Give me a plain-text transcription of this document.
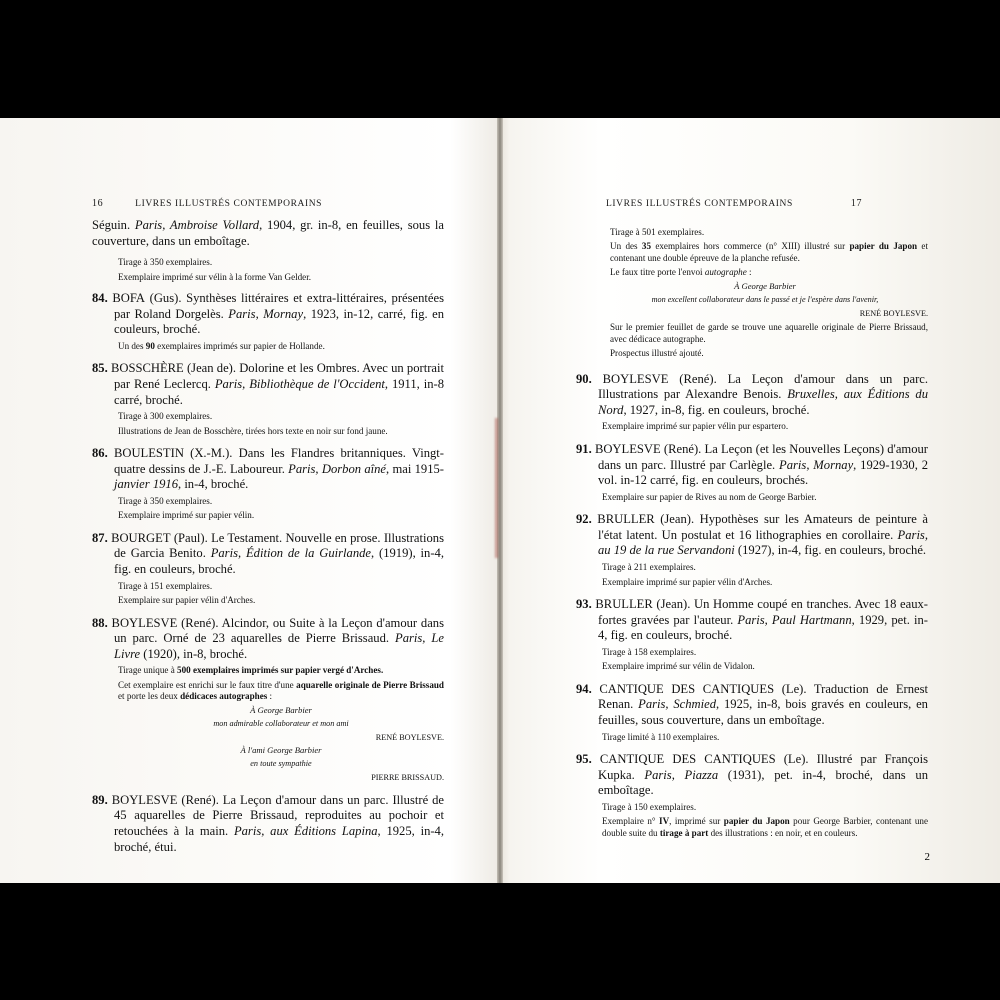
16	LIVRES ILLUSTRÉS CONTEMPORAINS

Séguin. Paris, Ambroise Vollard, 1904, gr. in-8, en feuilles, sous la couverture, dans un emboîtage.

Tirage à 350 exemplaires.
Exemplaire imprimé sur vélin à la forme Van Gelder.

84. BOFA (Gus). Synthèses littéraires et extra-littéraires, présentées par Roland Dorgelès. Paris, Mornay, 1923, in-12, carré, fig. en couleurs, broché.

Un des 90 exemplaires imprimés sur papier de Hollande.

85. BOSSCHÈRE (Jean de). Dolorine et les Ombres. Avec un portrait par René Leclercq. Paris, Bibliothèque de l'Occident, 1911, in-8 carré, broché.

Tirage à 300 exemplaires.
Illustrations de Jean de Bosschère, tirées hors texte en noir sur fond jaune.

86. BOULESTIN (X.-M.). Dans les Flandres britanniques. Vingt-quatre dessins de J.-E. Laboureur. Paris, Dorbon aîné, mai 1915-janvier 1916, in-4, broché.

Tirage à 350 exemplaires.
Exemplaire imprimé sur papier vélin.

87. BOURGET (Paul). Le Testament. Nouvelle en prose. Illustrations de Garcia Benito. Paris, Édition de la Guirlande, (1919), in-4, fig. en couleurs, broché.

Tirage à 151 exemplaires.
Exemplaire sur papier vélin d'Arches.

88. BOYLESVE (René). Alcindor, ou Suite à la Leçon d'amour dans un parc. Orné de 23 aquarelles de Pierre Brissaud. Paris, Le Livre (1920), in-8, broché.

Tirage unique à 500 exemplaires imprimés sur papier vergé d'Arches.
Cet exemplaire est enrichi sur le faux titre d'une aquarelle originale de Pierre Brissaud et porte les deux dédicaces autographes :
À George Barbier
mon admirable collaborateur et mon ami
RENÉ BOYLESVE.
À l'ami George Barbier
en toute sympathie
PIERRE BRISSAUD.

89. BOYLESVE (René). La Leçon d'amour dans un parc. Illustré de 45 aquarelles de Pierre Brissaud, reproduites au pochoir et retouchées à la main. Paris, aux Éditions Lapina, 1925, in-4, broché, étui.

LIVRES ILLUSTRÉS CONTEMPORAINS	17
Tirage à 501 exemplaires.
Un des 35 exemplaires hors commerce (n° XIII) illustré sur papier du Japon et contenant une double épreuve de la planche refusée.
Le faux titre porte l'envoi autographe :
À George Barbier
mon excellent collaborateur dans le passé et je l'espère dans l'avenir,
RENÉ BOYLESVE.
Sur le premier feuillet de garde se trouve une aquarelle originale de Pierre Brissaud, avec dédicace autographe.
Prospectus illustré ajouté.

90. BOYLESVE (René). La Leçon d'amour dans un parc. Illustrations par Alexandre Benois. Bruxelles, aux Éditions du Nord, 1927, in-8, fig. en couleurs, broché.

Exemplaire imprimé sur papier vélin pur espartero.

91. BOYLESVE (René). La Leçon (et les Nouvelles Leçons) d'amour dans un parc. Illustré par Carlègle. Paris, Mornay, 1929-1930, 2 vol. in-12 carré, fig. en couleurs, brochés.

Exemplaire sur papier de Rives au nom de George Barbier.

92. BRULLER (Jean). Hypothèses sur les Amateurs de peinture à l'état latent. Un postulat et 16 lithographies en corollaire. Paris, au 19 de la rue Servandoni (1927), in-4, fig. en couleurs, broché.

Tirage à 211 exemplaires.
Exemplaire imprimé sur papier vélin d'Arches.

93. BRULLER (Jean). Un Homme coupé en tranches. Avec 18 eaux-fortes gravées par l'auteur. Paris, Paul Hartmann, 1929, pet. in-4, fig. en couleurs, broché.

Tirage à 158 exemplaires.
Exemplaire imprimé sur vélin de Vidalon.

94. CANTIQUE DES CANTIQUES (Le). Traduction de Ernest Renan. Paris, Schmied, 1925, in-8, bois gravés en couleurs, en feuilles, sous couverture, dans un emboîtage.

Tirage limité à 110 exemplaires.

95. CANTIQUE DES CANTIQUES (Le). Illustré par François Kupka. Paris, Piazza (1931), pet. in-4, broché, dans un emboîtage.

Tirage à 150 exemplaires.
Exemplaire n° IV, imprimé sur papier du Japon pour George Barbier, contenant une double suite du tirage à part des illustrations : en noir, et en couleurs.
2
